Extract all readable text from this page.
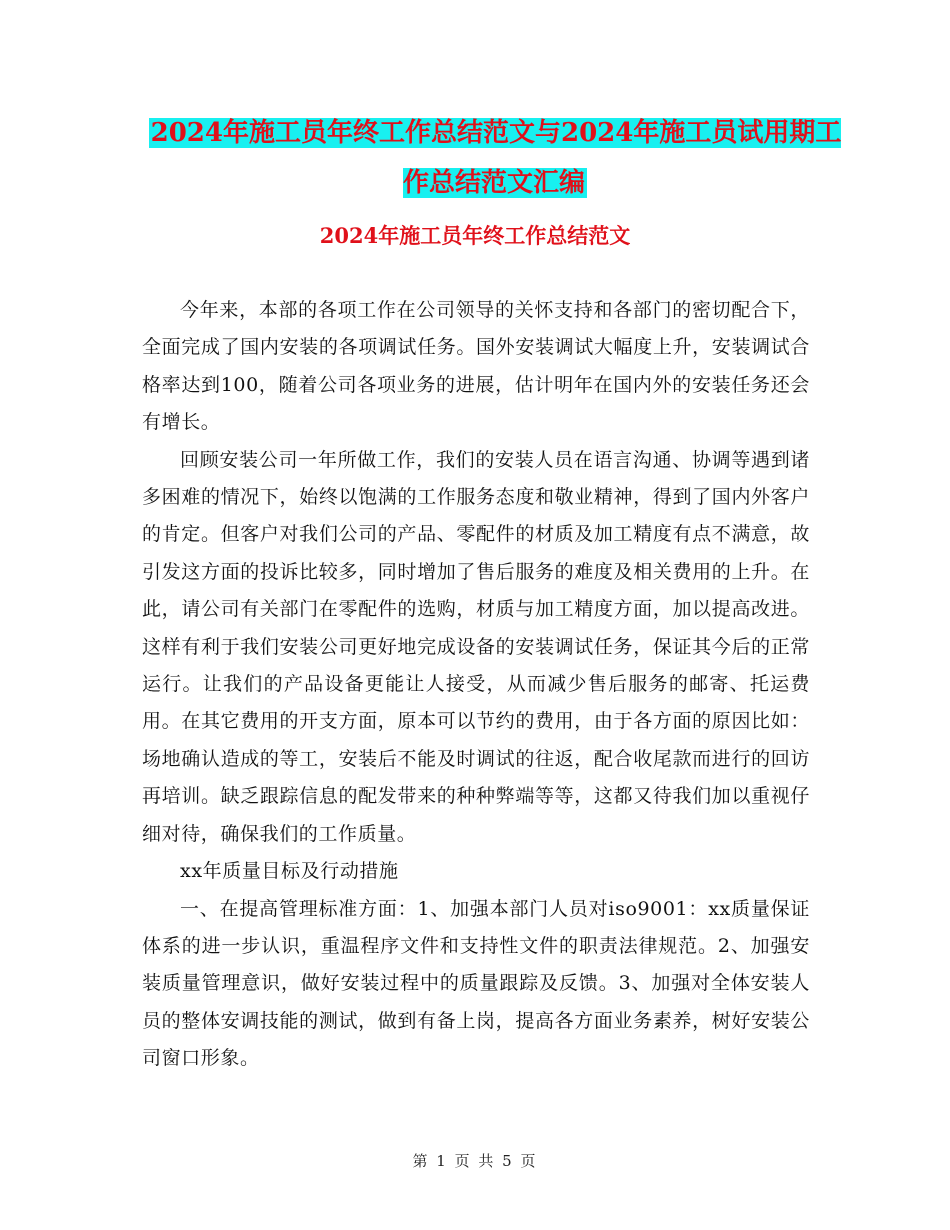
2024年施工员年终工作总结范文与2024年施工员试用期工作总结范文汇编
2024年施工员年终工作总结范文

今年来，本部的各项工作在公司领导的关怀支持和各部门的密切配合下，全面完成了国内安装的各项调试任务。国外安装调试大幅度上升，安装调试合格率达到100，随着公司各项业务的进展，估计明年在国内外的安装任务还会有增长。

回顾安装公司一年所做工作，我们的安装人员在语言沟通、协调等遇到诸多困难的情况下，始终以饱满的工作服务态度和敬业精神，得到了国内外客户的肯定。但客户对我们公司的产品、零配件的材质及加工精度有点不满意，故引发这方面的投诉比较多，同时增加了售后服务的难度及相关费用的上升。在此，请公司有关部门在零配件的选购，材质与加工精度方面，加以提高改进。这样有利于我们安装公司更好地完成设备的安装调试任务，保证其今后的正常运行。让我们的产品设备更能让人接受，从而减少售后服务的邮寄、托运费用。在其它费用的开支方面，原本可以节约的费用，由于各方面的原因比如：场地确认造成的等工，安装后不能及时调试的往返，配合收尾款而进行的回访再培训。缺乏跟踪信息的配发带来的种种弊端等等，这都又待我们加以重视仔细对待，确保我们的工作质量。

xx年质量目标及行动措施

一、在提高管理标准方面：1、加强本部门人员对iso9001：xx质量保证体系的进一步认识，重温程序文件和支持性文件的职责法律规范。2、加强安装质量管理意识，做好安装过程中的质量跟踪及反馈。3、加强对全体安装人员的整体安调技能的测试，做到有备上岗，提高各方面业务素养，树好安装公司窗口形象。

第 1 页 共 5 页
